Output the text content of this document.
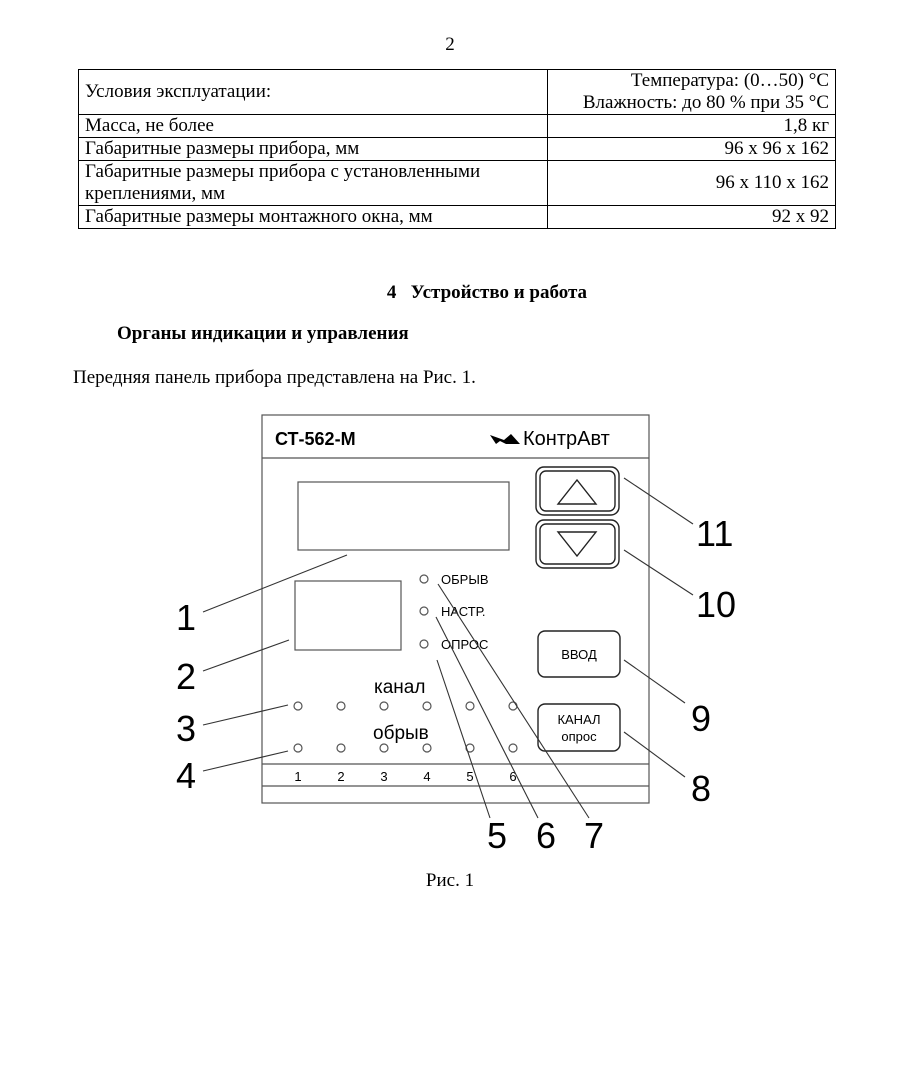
2
Условия эксплуатации:	Температура: (0…50) °С
Влажность: до 80 % при 35 °С
Масса, не более	1,8 кг
Габаритные размеры прибора, мм	96 х 96 х 162
Габаритные размеры прибора с установленными
креплениями, мм	96 х 110 х 162
Габаритные размеры монтажного окна, мм	92 х 92
4 Устройство и работа
Органы индикации и управления
Передняя панель прибора представлена на Рис. 1.
СТ-562-М	КонтрАвт
ОБРЫВ
НАСТР.
ОПРОС
канал
обрыв
1	2	3	4	5	6
ВВОД
КАНАЛ
опрос
1
2
3
4
5 6 7
8
9
10
11
Рис. 1
